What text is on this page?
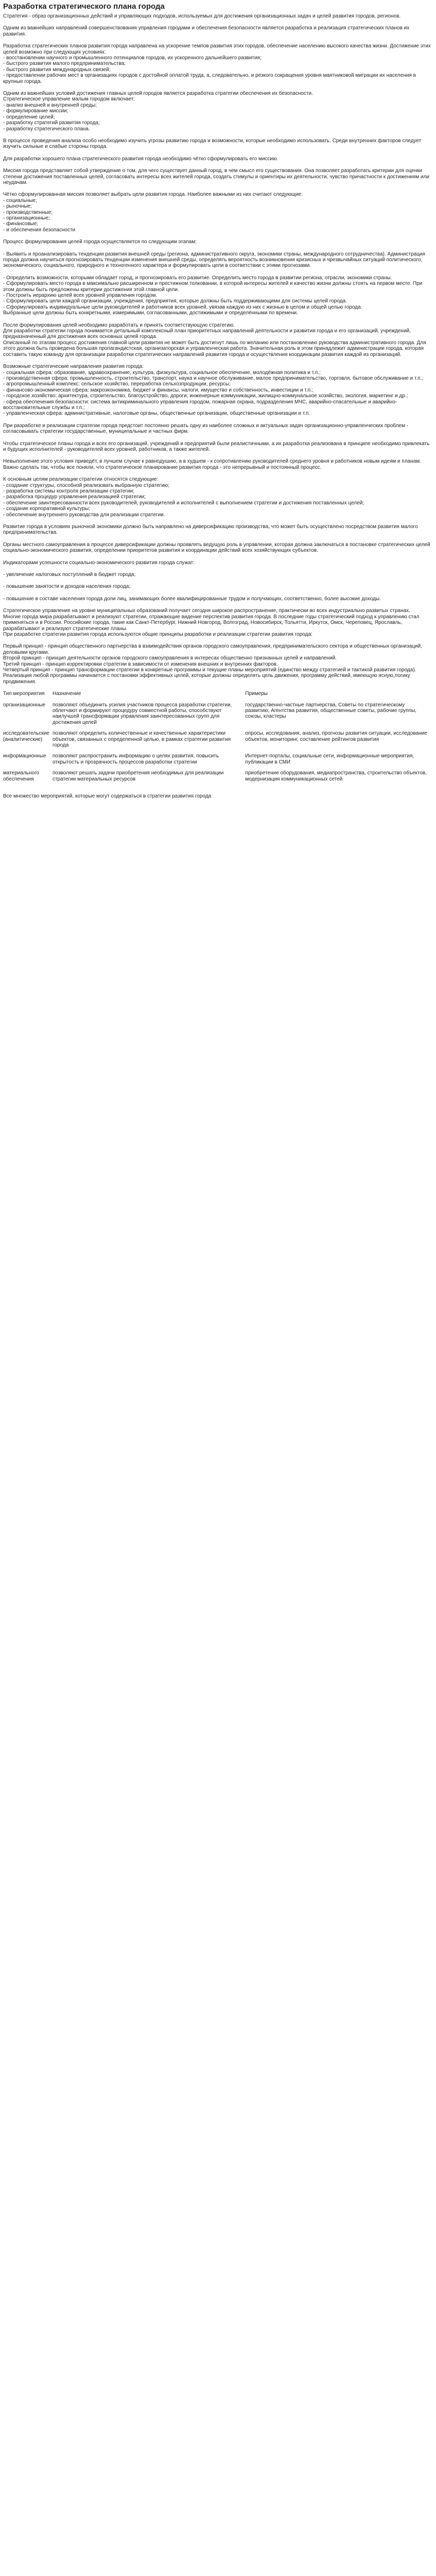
Разработка стратегического плана города

Стратегия - образ организационных действий и управляющих подходов, используемых для достижения организационных задач и целей развития городов, регионов.

Одним из важнейших направлений совершенствования управления городами и обеспечения безопасности является разработка и реализация стратегических планов их развития.

Разработка стратегических планов развития города направлена на ускорение темпов развития этих городов, обеспечение населению высокого качества жизни. Достижение этих целей возможно при следующих условиях:
- восстановлении научного и промышленного потенциалов городов, их ускоренного дальнейшего развития;
- быстрого развития малого предпринимательства;
- быстрого развития международных связей;
- предоставлении рабочих мест в организациях городов с достойной оплатой труда, а, следовательно, и резкого сокращения уровня маятниковой миграции их населения в крупные города.

Одним из важнейших условий достижения главных целей городов является разработка стратегии обеспечения их безопасности.
Стратегическое управление малым городом включает:
- анализ внешней и внутренней среды;
- формулирование миссии;
- определение целей;
- разработку стратегий развития города;
- разработку стратегического плана.

В процессе проведения анализа особо необходимо изучить угрозы развитию города и возможности, которые необходимо использовать. Среди внутренних факторов следует изучить сильные и слабые стороны города.

Для разработки хорошего плана стратегического развития города необходимо чётко сформулировать его миссию.

Миссия города представляет собой утверждение о том, для чего существует данный город, в чем смысл его существования. Она позволяет разработать критерии для оценки степени достижения поставленных целей, согласовать интересы всех жителей города, создать стимулы и ориентиры их деятельности, чувство причастности к достижениям или неудачам.

Чётко сформулированная миссия позволяет выбрать цели развития города. Наиболее важными из них считают следующие:
- социальные;
- рыночные;
- производственные;
- организационные;
- финансовые;
- и обеспечения безопасности

Процесс формулирования целей города осуществляется по следующим этапам:

- Выявить и проанализировать тенденции развития внешней среды (региона, административного округа, экономики страны, международного сотрудничества). Администрация города должна научиться прогнозировать тенденции изменения внешней среды, определять вероятность возникновения кризисных и чрезвычайных ситуаций политического, экономического, социального, природного и техногенного характера и формулировать цели в соответствии с этими прогнозами.

- Определить возможности, которыми обладает город, и прогнозировать его развитие. Определить место города в развитии региона, отрасли, экономики страны.
- Сформулировать место города в максимально расширенном и престижном толковании, в которой интересы жителей и качество жизни должны стоять на первом месте. При этом должны быть предложены критерии достижения этой главной цели.
- Построить иерархию целей всех уровней управления городом.
- Сформулировать цели каждой организации, учреждения, предприятия, которые должны быть поддерживающими для системы целей города.
- Сформулировать индивидуальные цели руководителей и работников всех уровней, увязав каждую из них с жизнью в целом и общей целью города.
Выбранные цели должны быть конкретными, измеримыми, согласованными, достижимыми и определёнными по времени.

После формулирования целей необходимо разработать и принять соответствующую стратегию.
Для разработки стратегии города понимается детальный комплексный план приоритетных направлений деятельности и развития города и его организаций, учреждений, предназначенный для достижения всех основных целей города.
Описанный по этапам процесс достижения главной цели развития не может быть достигнут лишь по желанию или постановлению руководства административного города. Для этого должна быть проведена большая пропагандистская, организаторская и управленческая работа. Значительная роль в этом принадлежит администрации города, которая составить такую команду для организации разработки стратегических направлений развития города и осуществления координации развития каждой из организаций.

Возможные стратегические направления развития города:
- социальная сфера: образование, здравоохранение, культура, физкультура, социальное обеспечение, молодёжная политика и т.п.;
- производственная сфера: промышленность, строительство, транспорт, наука и научное обслуживание, малое предпринимательство, торговля, бытовое обслуживание и т.п.;
- агропромышленный комплекс: сельское хозяйство, переработка сельхозпродукции, ресурсы;
- финансово-экономическая сфера: макроэкономика, бюджет и финансы, налоги, имущество и собственность, инвестиции и т.п.;
- городское хозяйство: архитектура, строительство, благоустройство, дороги, инженерные коммуникации, жилищно-коммунальное хозяйство, экология, маркетинг и др.;
- сфера обеспечения безопасности: система антикриминального управления городом, пожарная охрана, подразделения МЧС, аварийно-спасательные и аварийно-восстановительные службы и т.п.;
- управленческая сфера: административные, налоговые органы, общественные организации, общественные организации и т.п.

При разработке и реализации стратегии города предстоит постоянно решать одну из наиболее сложных и актуальных задач организационно-управленческих проблем - согласовывать стратегии государственные, муниципальные и частных фирм.

Чтобы стратегическое планы города и всех его организаций, учреждений и предприятий были реалистичными, а их разработка реализована в принципе необходимо привлекать и будущих исполнителей - руководителей всех уровней, работников, а также жителей.

Невыполнение этого условия приведёт, в лучшем случае к равнодушию, а в худшем - к сопротивлению руководителей среднего уровня и работников новым идеям и планам. Важно сделать так, чтобы все поняли, что стратегическое планирование развития города - это непрерывный и постоянный процесс.

К основным целям реализации стратегии относятся следующие:
- создание структуры, способной реализовать выбранную стратегию;
- разработка системы контроля реализации стратегии;
- разработка процедур управления реализацией стратегии;
- обеспечение заинтересованности всех руководителей, руководителей и исполнителей с выполнением стратегии и достижения поставленных целей;
- создание корпоративной культуры;
- обеспечение внутреннего руководства для реализации стратегии.

Развитие города в условиях рыночной экономики должно быть направлено на диверсификацию производства, что может быть осуществлено посредством развития малого предпринимательства.

Органы местного самоуправления в процессе диверсификации должны проявлять ведущую роль в управлении, которая должна заключаться в постановке стратегических целей социально-экономического развития, определении приоритетов развития и координации действий всех хозяйствующих субъектов.

Индикаторами успешности социально-экономического развития города служат:

- увеличение налоговых поступлений в бюджет города;

- повышение занятости и доходов населения города;

- повышение в составе населения города доли лиц, занимающих более квалифицированные трудом и получающих, соответственно, более высокие доходы.

Стратегическое управление на уровне муниципальных образований получает сегодня широкое распространение, практически во всех индустриально развитых странах.
Многие города мира разрабатывают и реализуют стратегии, отражающие видение перспектив развития города. В последние годы стратегический подход к управлению стал применяться и в России. Российские города, такие как Санкт-Петербург, Нижний Новгород, Волгоград, Новосибирск, Тольятти, Иркутск, Омск, Череповец, Ярославль, разрабатывают и реализуют стратегические планы.
При разработке стратегии развития города используются общие принципы разработки и реализации стратегии развития города:

Первый принцип - принцип общественного партнерства в взаимодействия органов городского самоуправления, предпринимательского сектора и общественных организаций, деловыми кругами.
Второй принцип - принцип деятельности органов городского самоуправления в интересах общественно признанных целей и направлений.
Третий принцип - принцип корректировки стратегии в зависимости от изменения внешних и внутренних факторов.
Четвертый принцип - принцип трансформации стратегии в конкретные программы и текущие планы мероприятий (единство между стратегией и тактикой развития города).
Реализация любой программы начинается с постановки эффективных целей, которые должны определять цель движения, программу действий, имеющую ясную,логику продвижения.

Тип мероприятия	Назначение	Примеры
организационные	позволяют объединить усилия участников процесса разработки стратегии, облегчают и формируют процедуру совместной работы, способствуют наилучшей трансформации управления заинтересованных групп для достижения целей	государственно-частные партнерства, Советы по стратегическому развитию, Агентства развития, общественные советы, рабочие группы, союзы, кластеры
исследовательские (аналитические)	позволяют определить количественные и качественные характеристики объектов, связанных с определенной целью, в рамках стратегии развития города	опросы, исследования, анализ, прогнозы развития ситуации, исследование объектов, мониторинг, составление рейтингов развития
информационные	позволяют распространить информацию о целях развития, повысить открытость и прозрачность процессов разработки стратегии	Интернет-порталы, социальные сети, информационные мероприятия, публикации в СМИ
материального обеспечения	позволяют решать задачи приобретения необходимых для реализации стратегии материальных ресурсов	приобретение оборудования, медиапространства, строительство объектов, модернизация коммуникационных сетей

Все множество мероприятий, которые могут содержаться в стратегии развития города
